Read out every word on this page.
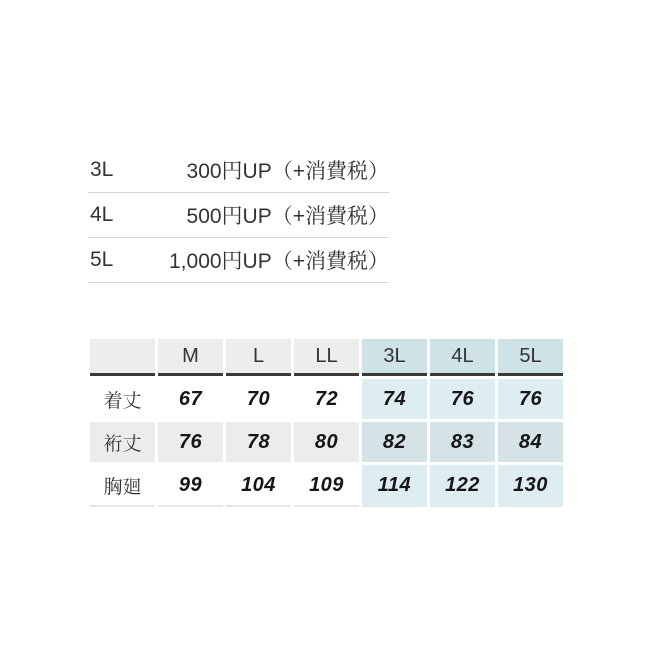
3L	300円UP（+消費税）
4L	500円UP（+消費税）
5L	1,000円UP（+消費税）
	M	L	LL	3L	4L	5L
着丈	67	70	72	74	76	76
裄丈	76	78	80	82	83	84
胸廻	99	104	109	114	122	130
